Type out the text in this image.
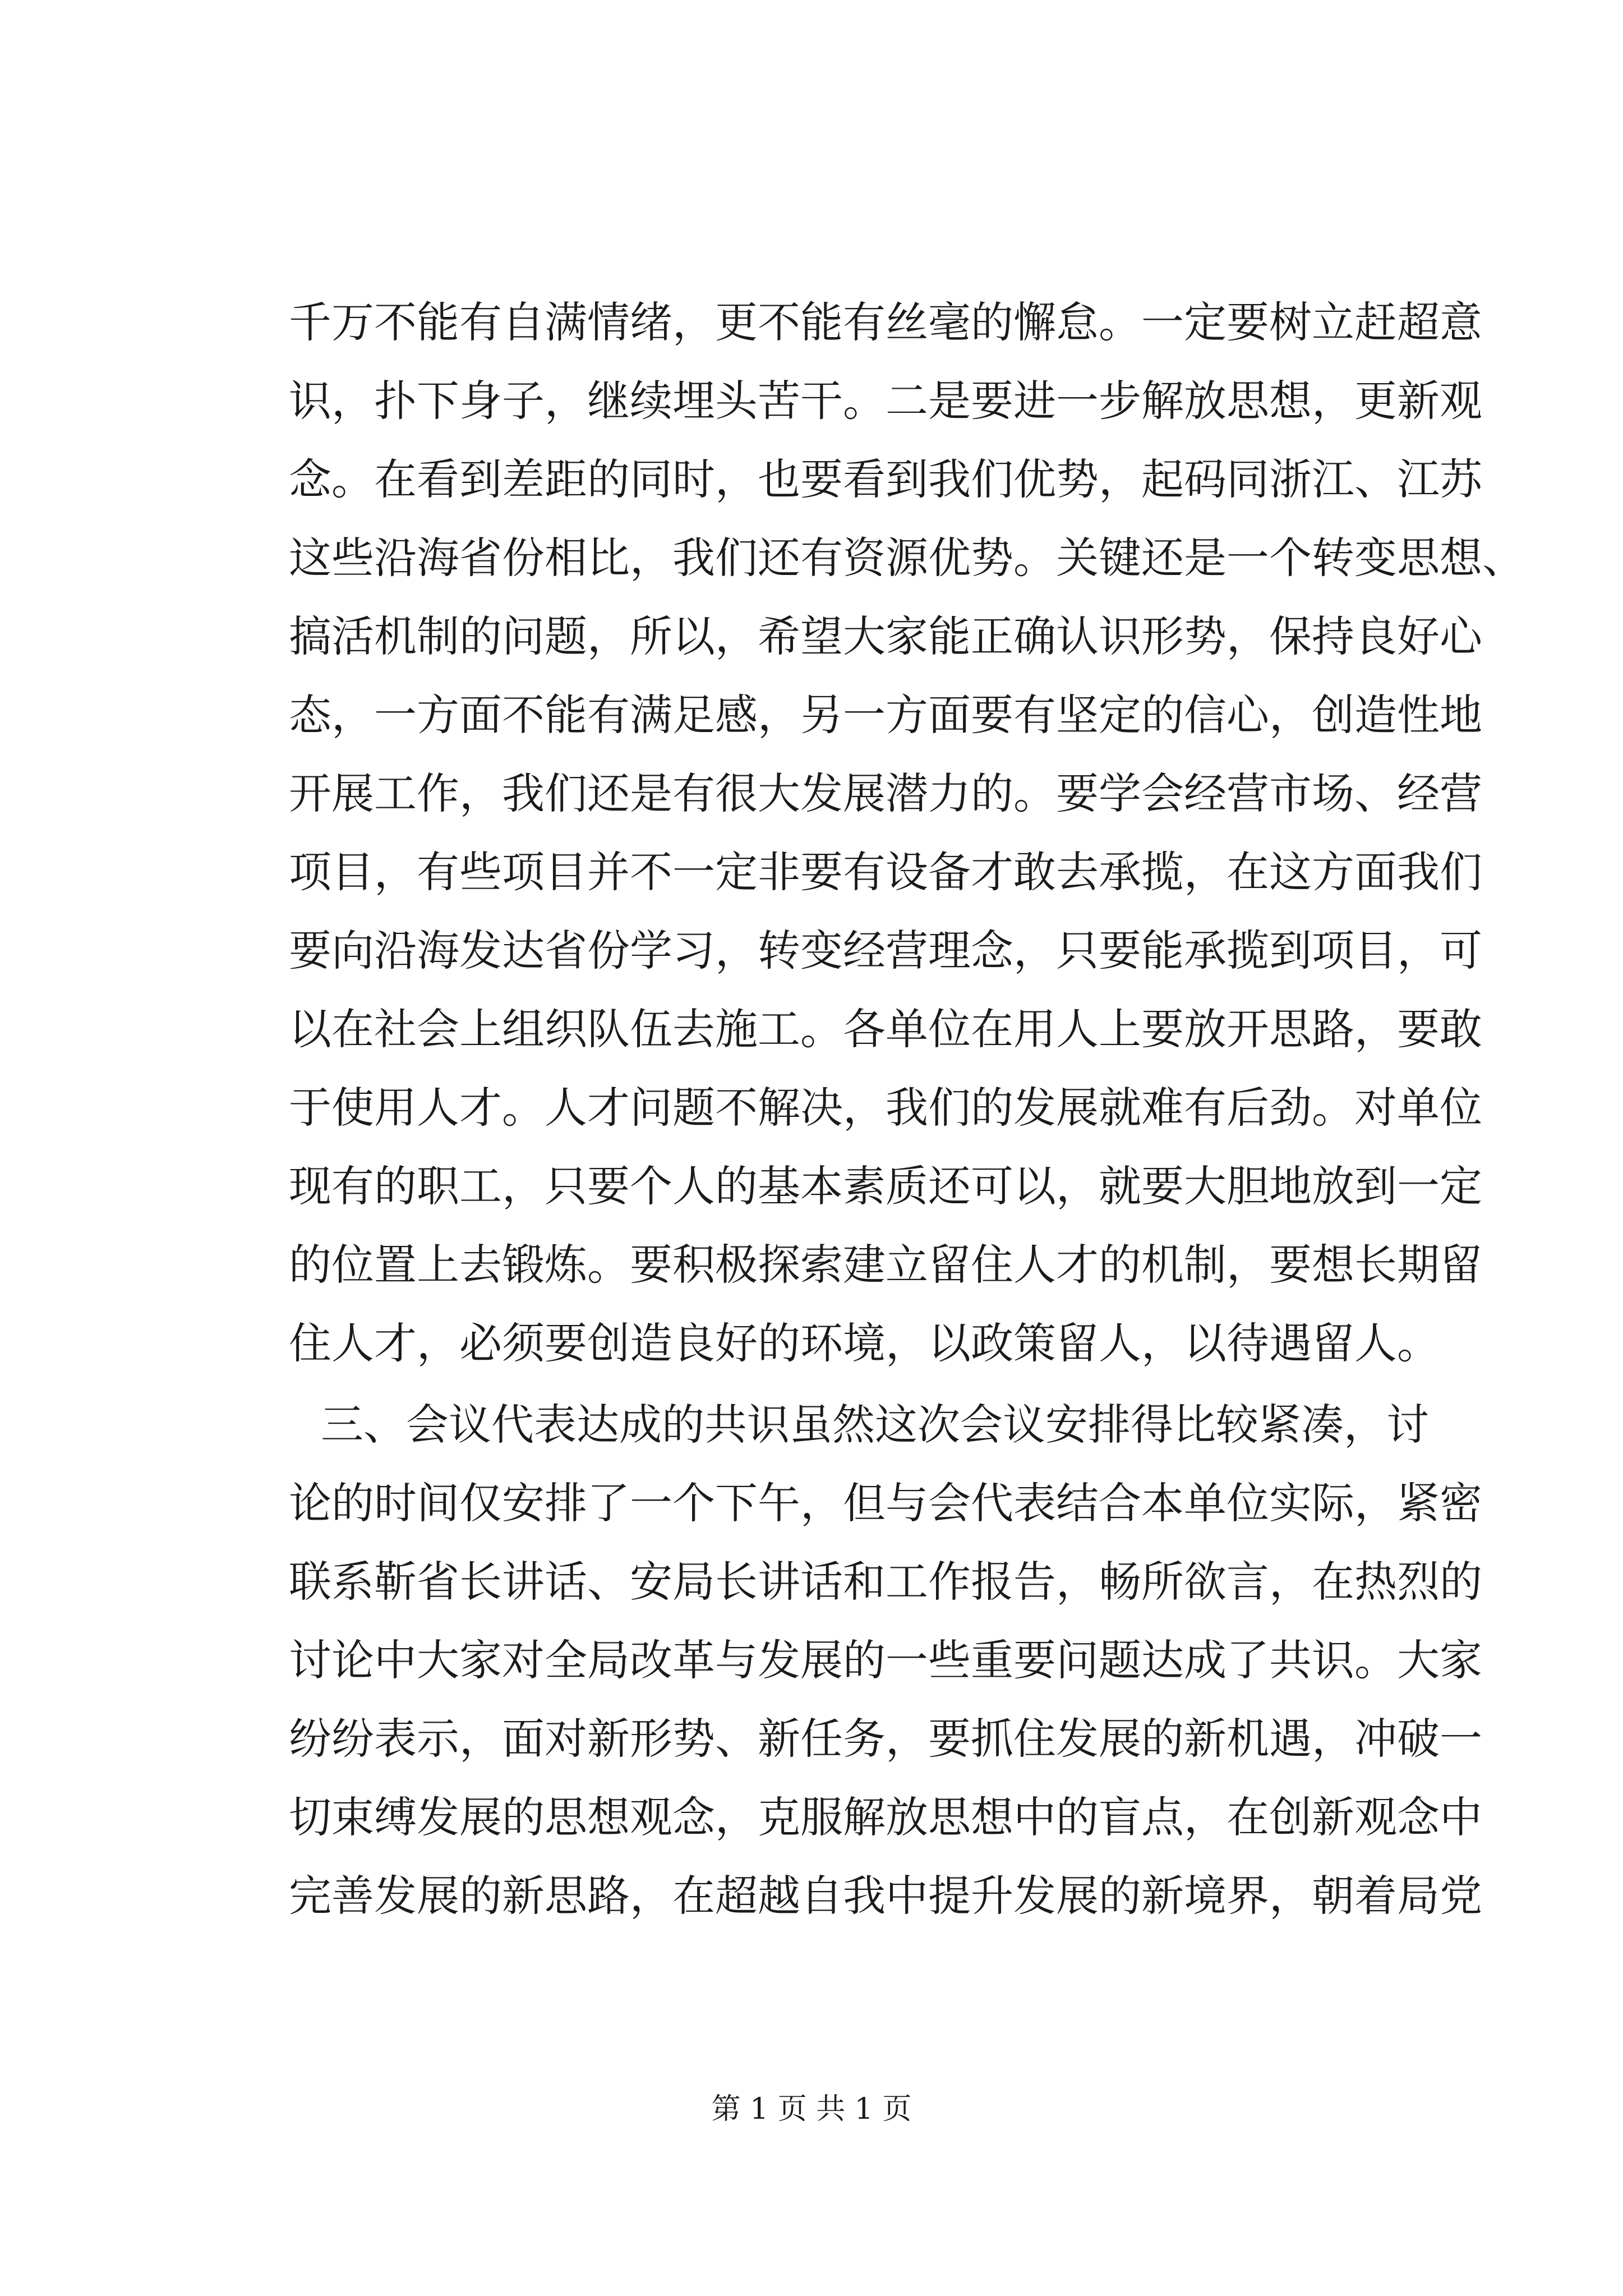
千万不能有自满情绪，更不能有丝毫的懈怠。一定要树立赶超意
识，扑下身子，继续埋头苦干。二是要进一步解放思想，更新观
念。在看到差距的同时，也要看到我们优势，起码同浙江、江苏
这些沿海省份相比，我们还有资源优势。关键还是一个转变思想、
搞活机制的问题，所以，希望大家能正确认识形势，保持良好心
态，一方面不能有满足感，另一方面要有坚定的信心，创造性地
开展工作，我们还是有很大发展潜力的。要学会经营市场、经营
项目，有些项目并不一定非要有设备才敢去承揽，在这方面我们
要向沿海发达省份学习，转变经营理念，只要能承揽到项目，可
以在社会上组织队伍去施工。各单位在用人上要放开思路，要敢
于使用人才。人才问题不解决，我们的发展就难有后劲。对单位
现有的职工，只要个人的基本素质还可以，就要大胆地放到一定
的位置上去锻炼。要积极探索建立留住人才的机制，要想长期留
住人才，必须要创造良好的环境，以政策留人，以待遇留人。
三、会议代表达成的共识虽然这次会议安排得比较紧凑，讨
论的时间仅安排了一个下午，但与会代表结合本单位实际，紧密
联系靳省长讲话、安局长讲话和工作报告，畅所欲言，在热烈的
讨论中大家对全局改革与发展的一些重要问题达成了共识。大家
纷纷表示，面对新形势、新任务，要抓住发展的新机遇，冲破一
切束缚发展的思想观念，克服解放思想中的盲点，在创新观念中
完善发展的新思路，在超越自我中提升发展的新境界，朝着局党
第 1 页 共 1 页
